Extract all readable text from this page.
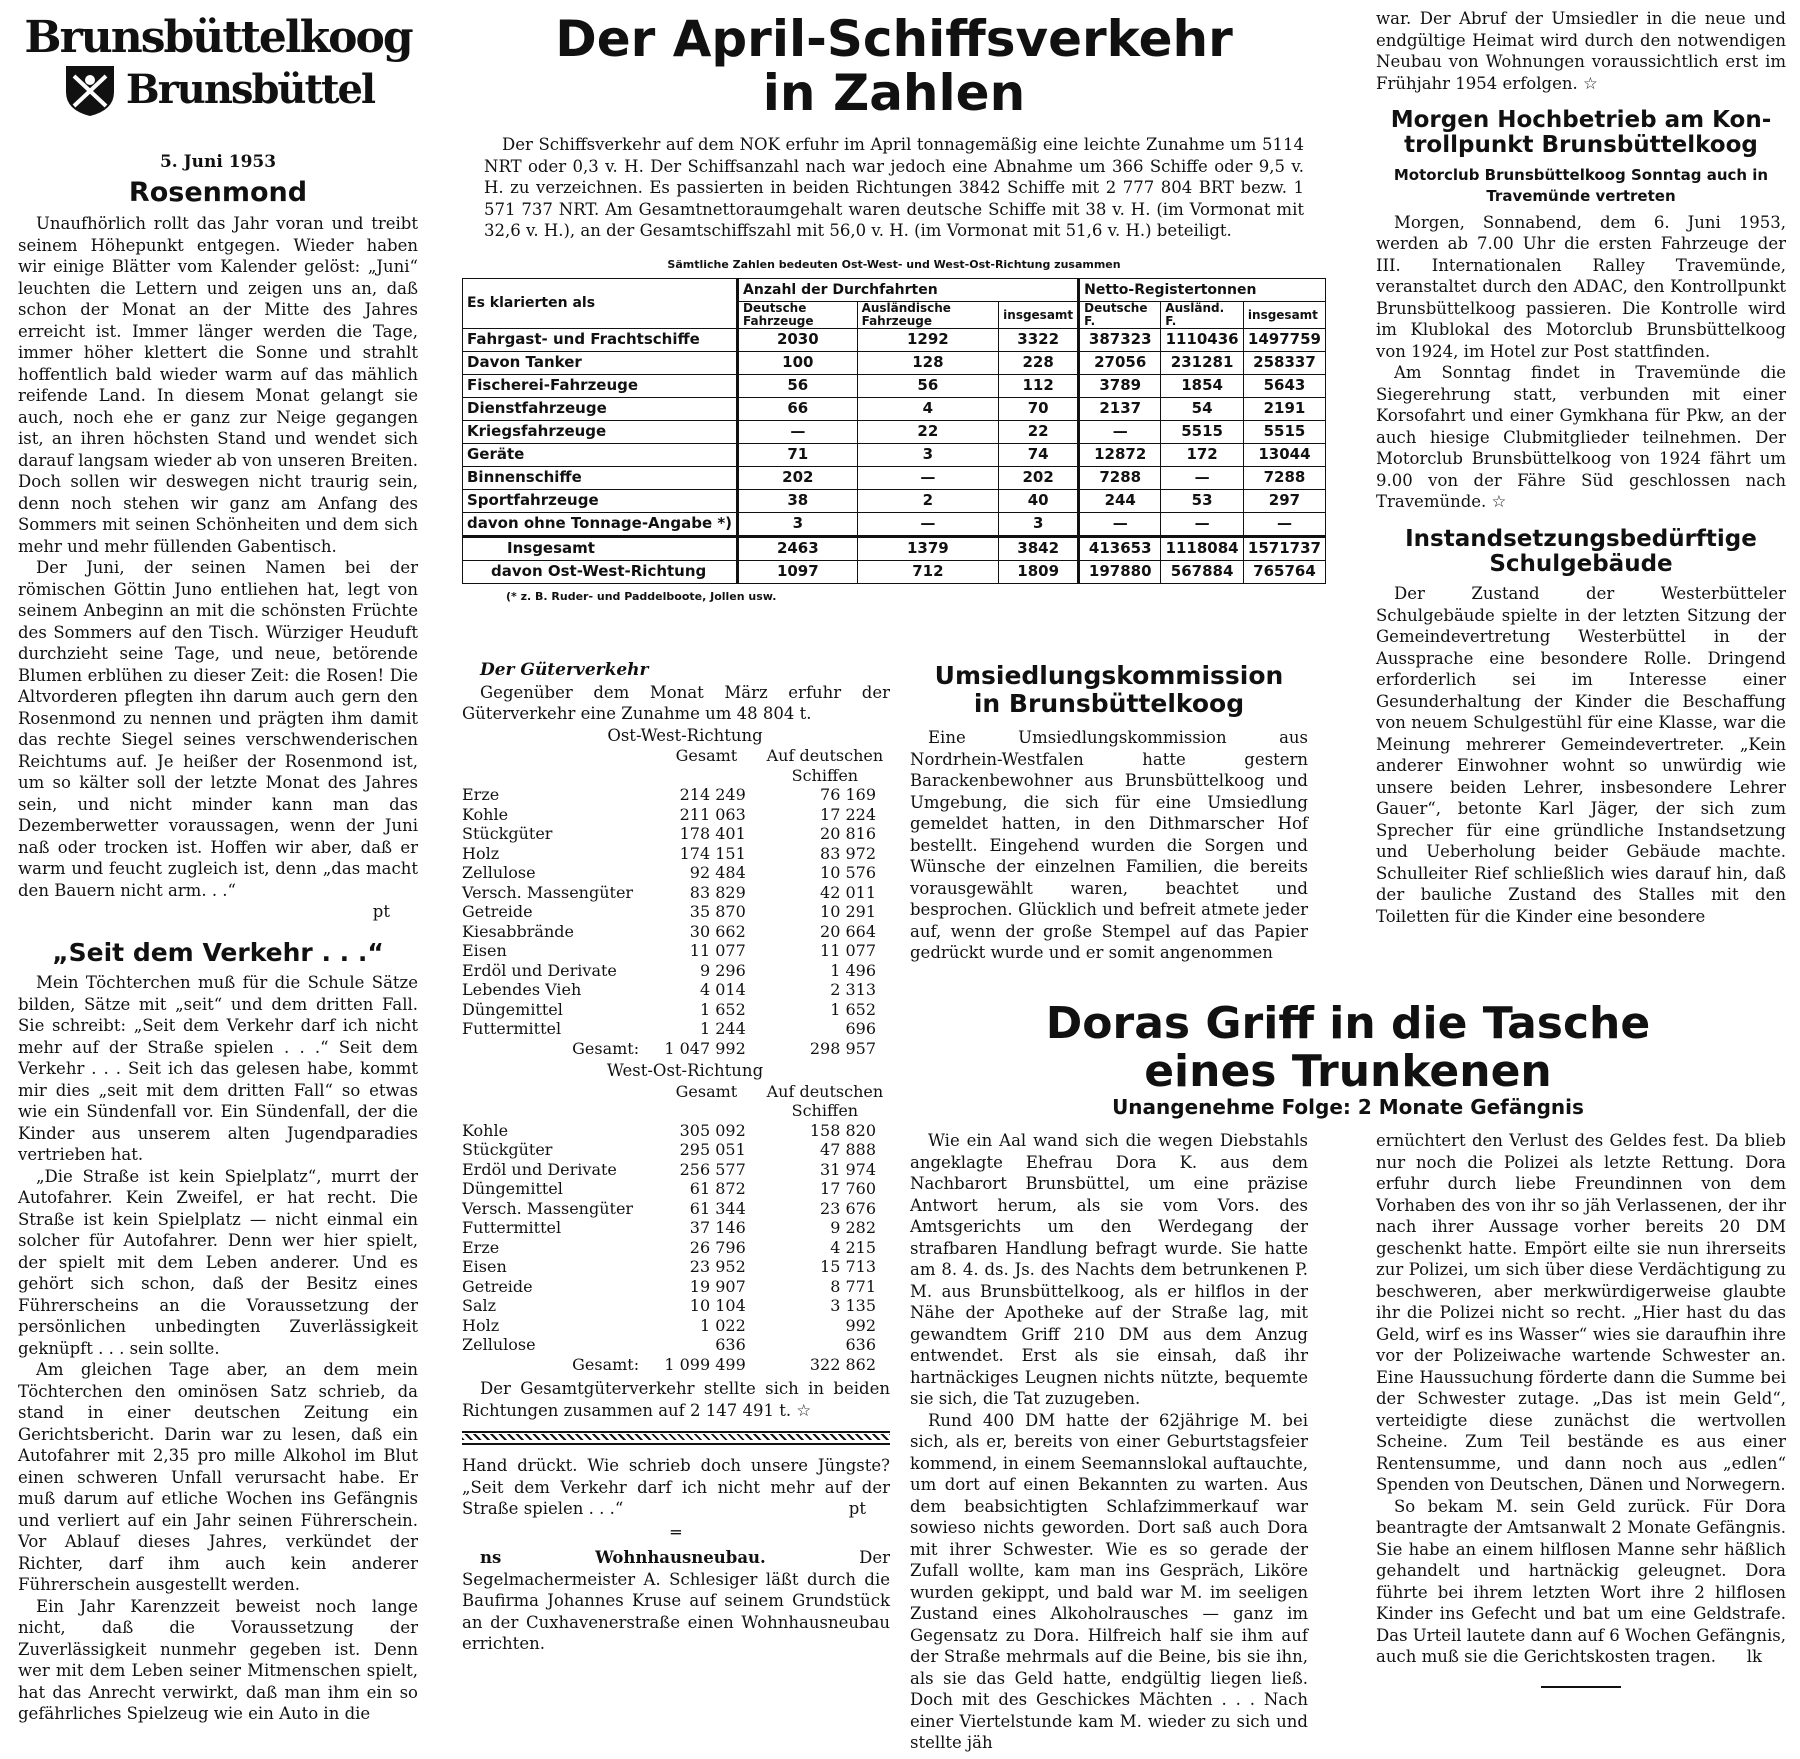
Brunsbüttelkoog
Brunsbüttel
5. Juni 1953
Rosenmond

Unaufhörlich rollt das Jahr voran und treibt seinem Höhepunkt entgegen. Wieder haben wir einige Blätter vom Kalender gelöst: „Juni“ leuchten die Lettern und zeigen uns an, daß schon der Monat an der Mitte des Jahres erreicht ist. Immer länger werden die Tage, immer höher klettert die Sonne und strahlt hoffentlich bald wieder warm auf das mählich reifende Land. In diesem Monat gelangt sie auch, noch ehe er ganz zur Neige gegangen ist, an ihren höchsten Stand und wendet sich darauf langsam wieder ab von unseren Breiten. Doch sollen wir deswegen nicht traurig sein, denn noch stehen wir ganz am Anfang des Sommers mit seinen Schönheiten und dem sich mehr und mehr füllenden Gabentisch.

Der Juni, der seinen Namen bei der römischen Göttin Juno entliehen hat, legt von seinem Anbeginn an mit die schönsten Früchte des Sommers auf den Tisch. Würziger Heuduft durchzieht seine Tage, und neue, betörende Blumen erblühen zu dieser Zeit: die Rosen! Die Altvorderen pflegten ihn darum auch gern den Rosenmond zu nennen und prägten ihm damit das rechte Siegel seines verschwenderischen Reichtums auf. Je heißer der Rosenmond ist, um so kälter soll der letzte Monat des Jahres sein, und nicht minder kann man das Dezemberwetter voraussagen, wenn der Juni naß oder trocken ist. Hoffen wir aber, daß er warm und feucht zugleich ist, denn „das macht den Bauern nicht arm. . .“

pt

„Seit dem Verkehr . . .“

Mein Töchterchen muß für die Schule Sätze bilden, Sätze mit „seit“ und dem dritten Fall. Sie schreibt: „Seit dem Verkehr darf ich nicht mehr auf der Straße spielen . . .“ Seit dem Verkehr . . . Seit ich das gelesen habe, kommt mir dies „seit mit dem dritten Fall“ so etwas wie ein Sündenfall vor. Ein Sündenfall, der die Kinder aus unserem alten Jugendparadies vertrieben hat.

„Die Straße ist kein Spielplatz“, murrt der Autofahrer. Kein Zweifel, er hat recht. Die Straße ist kein Spielplatz — nicht einmal ein solcher für Autofahrer. Denn wer hier spielt, der spielt mit dem Leben anderer. Und es gehört sich schon, daß der Besitz eines Führerscheins an die Voraussetzung der persönlichen unbedingten Zuverlässigkeit geknüpft . . . sein sollte.

Am gleichen Tage aber, an dem mein Töchterchen den ominösen Satz schrieb, da stand in einer deutschen Zeitung ein Gerichtsbericht. Darin war zu lesen, daß ein Autofahrer mit 2,35 pro mille Alkohol im Blut einen schweren Unfall verursacht habe. Er muß darum auf etliche Wochen ins Gefängnis und verliert auf ein Jahr seinen Führerschein. Vor Ablauf dieses Jahres, verkündet der Richter, darf ihm auch kein anderer Führerschein ausgestellt werden.

Ein Jahr Karenzzeit beweist noch lange nicht, daß die Voraussetzung der Zuverlässigkeit nunmehr gegeben ist. Denn wer mit dem Leben seiner Mitmenschen spielt, hat das Anrecht verwirkt, daß man ihm ein so gefährliches Spielzeug wie ein Auto in die

Der April-Schiffsverkehr
in Zahlen

Der Schiffsverkehr auf dem NOK erfuhr im April tonnagemäßig eine leichte Zunahme um 5114 NRT oder 0,3 v. H. Der Schiffsanzahl nach war jedoch eine Abnahme um 366 Schiffe oder 9,5 v. H. zu verzeichnen. Es passierten in beiden Richtungen 3842 Schiffe mit 2 777 804 BRT bezw. 1 571 737 NRT. Am Gesamtnettoraumgehalt waren deutsche Schiffe mit 38 v. H. (im Vormonat mit 32,6 v. H.), an der Gesamtschiffszahl mit 56,0 v. H. (im Vormonat mit 51,6 v. H.) beteiligt.

Sämtliche Zahlen bedeuten Ost-West- und West-Ost-Richtung zusammen
Es klarierten als	Anzahl der Durchfahrten			Netto-Registertonnen		
	Deutsche Fahrzeuge	Ausländische Fahrzeuge	insgesamt	Deutsche F.	Ausländ. F.	insgesamt
Fahrgast- und Frachtschiffe	2030	1292	3322	387323	1110436	1497759
Davon Tanker	100	128	228	27056	231281	258337
Fischerei-Fahrzeuge	56	56	112	3789	1854	5643
Dienstfahrzeuge	66	4	70	2137	54	2191
Kriegsfahrzeuge	—	22	22	—	5515	5515
Geräte	71	3	74	12872	172	13044
Binnenschiffe	202	—	202	7288	—	7288
Sportfahrzeuge	38	2	40	244	53	297
davon ohne Tonnage-Angabe *)	3	—	3	—	—	—
Insgesamt	2463	1379	3842	413653	1118084	1571737
davon Ost-West-Richtung	1097	712	1809	197880	567884	765764
(* z. B. Ruder- und Paddelboote, Jollen usw.
Der Güterverkehr

Gegenüber dem Monat März erfuhr der Güterverkehr eine Zunahme um 48 804 t.

Ost-West-Richtung

	Gesamt	Auf deutschen
		Schiffen
Erze	214 249	76 169
Kohle	211 063	17 224
Stückgüter	178 401	20 816
Holz	174 151	83 972
Zellulose	92 484	10 576
Versch. Massengüter	83 829	42 011
Getreide	35 870	10 291
Kiesabbrände	30 662	20 664
Eisen	11 077	11 077
Erdöl und Derivate	9 296	1 496
Lebendes Vieh	4 014	2 313
Düngemittel	1 652	1 652
Futtermittel	1 244	696
Gesamt:	1 047 992	298 957

West-Ost-Richtung

	Gesamt	Auf deutschen
		Schiffen
Kohle	305 092	158 820
Stückgüter	295 051	47 888
Erdöl und Derivate	256 577	31 974
Düngemittel	61 872	17 760
Versch. Massengüter	61 344	23 676
Futtermittel	37 146	9 282
Erze	26 796	4 215
Eisen	23 952	15 713
Getreide	19 907	8 771
Salz	10 104	3 135
Holz	1 022	992
Zellulose	636	636
Gesamt:	1 099 499	322 862

Der Gesamtgüterverkehr stellte sich in beiden Richtungen zusammen auf 2 147 491 t. ☆

Hand drückt. Wie schrieb doch unsere Jüngste? „Seit dem Verkehr darf ich nicht mehr auf der Straße spielen . . .“	pt

═

ns Wohnhausneubau.	Der Segelmachermeister A. Schlesiger läßt durch die Baufirma Johannes Kruse auf seinem Grundstück an der Cuxhavenerstraße einen Wohnhausneubau errichten.

Umsiedlungskommission
in Brunsbüttelkoog

Eine Umsiedlungskommission aus Nordrhein-Westfalen hatte gestern Barackenbewohner aus Brunsbüttelkoog und Umgebung, die sich für eine Umsiedlung gemeldet hatten, in den Dithmarscher Hof bestellt. Eingehend wurden die Sorgen und Wünsche der einzelnen Familien, die bereits vorausgewählt waren, beachtet und besprochen. Glücklich und befreit atmete jeder auf, wenn der große Stempel auf das Papier gedrückt wurde und er somit angenommen

Doras Griff in die Tasche
eines Trunkenen
Unangenehme Folge: 2 Monate Gefängnis

Wie ein Aal wand sich die wegen Diebstahls angeklagte Ehefrau Dora K. aus dem Nachbarort Brunsbüttel, um eine präzise Antwort herum, als sie vom Vors. des Amtsgerichts um den Werdegang der strafbaren Handlung befragt wurde. Sie hatte am 8. 4. ds. Js. des Nachts dem betrunkenen P. M. aus Brunsbüttelkoog, als er hilflos in der Nähe der Apotheke auf der Straße lag, mit gewandtem Griff 210 DM aus dem Anzug entwendet. Erst als sie einsah, daß ihr hartnäckiges Leugnen nichts nützte, bequemte sie sich, die Tat zuzugeben.

Rund 400 DM hatte der 62jährige M. bei sich, als er, bereits von einer Geburtstagsfeier kommend, in einem Seemannslokal auftauchte, um dort auf einen Bekannten zu warten. Aus dem beabsichtigten Schlafzimmerkauf war sowieso nichts geworden. Dort saß auch Dora mit ihrer Schwester. Wie es so gerade der Zufall wollte, kam man ins Gespräch, Liköre wurden gekippt, und bald war M. im seeligen Zustand eines Alkoholrausches — ganz im Gegensatz zu Dora. Hilfreich half sie ihm auf der Straße mehrmals auf die Beine, bis sie ihn, als sie das Geld hatte, endgültig liegen ließ. Doch mit des Geschickes Mächten . . . Nach einer Viertelstunde kam M. wieder zu sich und stellte jäh

war. Der Abruf der Umsiedler in die neue und endgültige Heimat wird durch den notwendigen Neubau von Wohnungen voraussichtlich erst im Frühjahr 1954 erfolgen. ☆

Morgen Hochbetrieb am Kon-
trollpunkt Brunsbüttelkoog
Motorclub Brunsbüttelkoog Sonntag auch in Travemünde vertreten

Morgen, Sonnabend, dem 6. Juni 1953, werden ab 7.00 Uhr die ersten Fahrzeuge der III. Internationalen Ralley Travemünde, veranstaltet durch den ADAC, den Kontrollpunkt Brunsbüttelkoog passieren. Die Kontrolle wird im Klublokal des Motorclub Brunsbüttelkoog von 1924, im Hotel zur Post stattfinden.

Am Sonntag findet in Travemünde die Siegerehrung statt, verbunden mit einer Korsofahrt und einer Gymkhana für Pkw, an der auch hiesige Clubmitglieder teilnehmen. Der Motorclub Brunsbüttelkoog von 1924 fährt um 9.00 von der Fähre Süd geschlossen nach Travemünde. ☆

Instandsetzungsbedürftige
Schulgebäude

Der Zustand der Westerbütteler Schulgebäude spielte in der letzten Sitzung der Gemeindevertretung Westerbüttel in der Aussprache eine besondere Rolle. Dringend erforderlich sei im Interesse einer Gesunderhaltung der Kinder die Beschaffung von neuem Schulgestühl für eine Klasse, war die Meinung mehrerer Gemeindevertreter. „Kein anderer Einwohner wohnt so unwürdig wie unsere beiden Lehrer, insbesondere Lehrer Gauer“, betonte Karl Jäger, der sich zum Sprecher für eine gründliche Instandsetzung und Ueberholung beider Gebäude machte. Schulleiter Rief schließlich wies darauf hin, daß der bauliche Zustand des Stalles mit den Toiletten für die Kinder eine besondere

ernüchtert den Verlust des Geldes fest. Da blieb nur noch die Polizei als letzte Rettung. Dora erfuhr durch liebe Freundinnen von dem Vorhaben des von ihr so jäh Verlassenen, der ihr nach ihrer Aussage vorher bereits 20 DM geschenkt hatte. Empört eilte sie nun ihrerseits zur Polizei, um sich über diese Verdächtigung zu beschweren, aber merkwürdigerweise glaubte ihr die Polizei nicht so recht. „Hier hast du das Geld, wirf es ins Wasser“ wies sie daraufhin ihre vor der Polizeiwache wartende Schwester an. Eine Haussuchung förderte dann die Summe bei der Schwester zutage. „Das ist mein Geld“, verteidigte diese zunächst die wertvollen Scheine. Zum Teil bestände es aus einer Rentensumme, und dann noch aus „edlen“ Spenden von Deutschen, Dänen und Norwegern.

So bekam M. sein Geld zurück. Für Dora beantragte der Amtsanwalt 2 Monate Gefängnis. Sie habe an einem hilflosen Manne sehr häßlich gehandelt und hartnäckig geleugnet. Dora führte bei ihrem letzten Wort ihre 2 hilflosen Kinder ins Gefecht und bat um eine Geldstrafe. Das Urteil lautete dann auf 6 Wochen Gefängnis, auch muß sie die Gerichtskosten tragen.	lk
